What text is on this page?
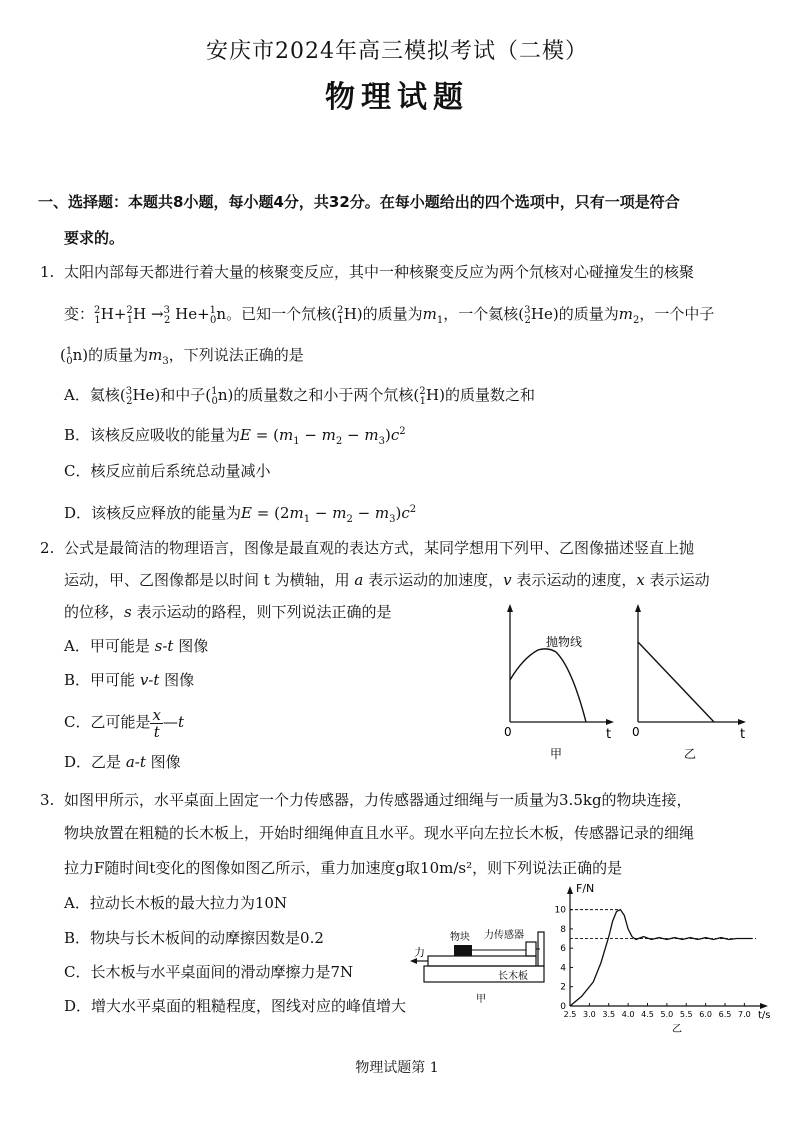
安庆市2024年高三模拟考试（二模）
物理试题
一、选择题：本题共8小题，每小题4分，共32分。在每小题给出的四个选项中，只有一项是符合
要求的。
1. 太阳内部每天都进行着大量的核聚变反应，其中一种核聚变反应为两个氘核对心碰撞发生的核聚
变：$^2_1$H+$^2_1$H →$^3_2$ He+$^1_0$n。已知一个氘核($^2_1$H)的质量为$m_1$，一个氦核($^3_2$He)的质量为$m_2$，一个中子
($^1_0$n)的质量为$m_3$，下列说法正确的是
A．氦核($^3_2$He)和中子($^1_0$n)的质量数之和小于两个氘核($^2_1$H)的质量数之和
B．该核反应吸收的能量为$E = (m_1 - m_2 - m_3)c^2$
C．核反应前后系统总动量减小
D．该核反应释放的能量为$E = (2m_1 - m_2 - m_3)c^2$
2. 公式是最简洁的物理语言，图像是最直观的表达方式，某同学想用下列甲、乙图像描述竖直上抛
运动，甲、乙图像都是以时间 t 为横轴，用 a 表示运动的加速度，v 表示运动的速度，x 表示运动
的位移，s 表示运动的路程，则下列说法正确的是
A．甲可能是 s-t 图像
B．甲可能 v-t 图像
C．乙可能是 $\frac{x}{t}$ —t
D．乙是 a-t 图像
抛物线
0	t
甲
0	t
乙
3. 如图甲所示，水平桌面上固定一个力传感器，力传感器通过细绳与一质量为3.5kg的物块连接，
物块放置在粗糙的长木板上，开始时细绳伸直且水平。现水平向左拉长木板，传感器记录的细绳
拉力F随时间t变化的图像如图乙所示，重力加速度g取10m/s²，则下列说法正确的是
A．拉动长木板的最大拉力为10N
B．物块与长木板间的动摩擦因数是0.2
C．长木板与水平桌面间的滑动摩擦力是7N
D．增大水平桌面的粗糙程度，图线对应的峰值增大
力
物块 力传感器
长木板
甲
0
2
4
6
8
10
2.5 3.0 3.5 4.0 4.5 5.0 5.5 6.0 6.5 7.0
F/N
t/s
乙
物理试题第 1
